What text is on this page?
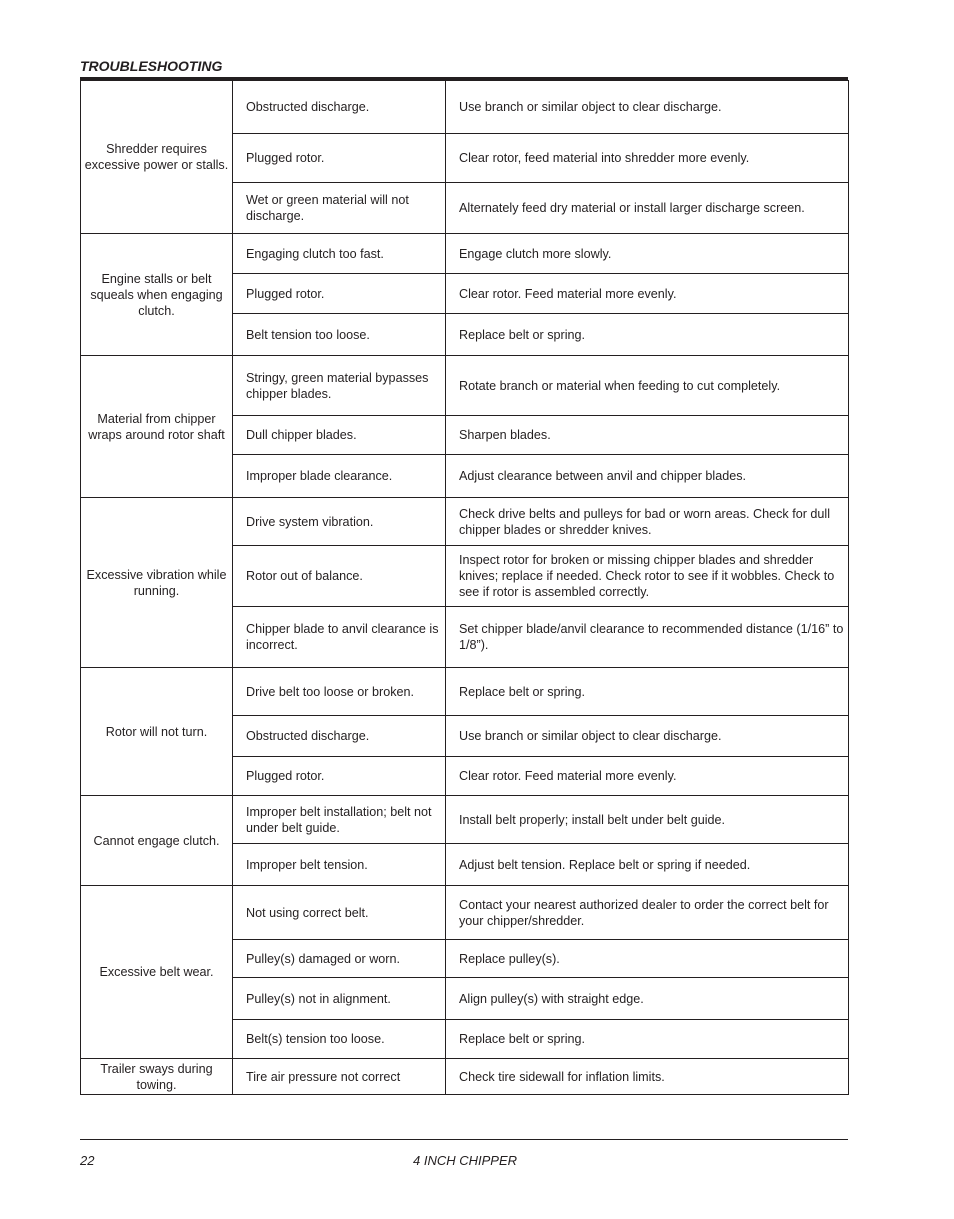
TROUBLESHOOTING
Shredder requires excessive power or stalls.	Obstructed discharge.	Use branch or similar object to clear discharge.
	Plugged rotor.	Clear rotor, feed material into shredder more evenly.
	Wet or green material will not discharge.	Alternately feed dry material or install larger discharge screen.
Engine stalls or belt squeals when engaging clutch.	Engaging clutch too fast.	Engage clutch more slowly.
	Plugged rotor.	Clear rotor. Feed material more evenly.
	Belt tension too loose.	Replace belt or spring.
Material from chipper wraps around rotor shaft	Stringy, green material bypasses chipper blades.	Rotate branch or material when feeding to cut completely.
	Dull chipper blades.	Sharpen blades.
	Improper blade clearance.	Adjust clearance between anvil and chipper blades.
Excessive vibration while running.	Drive system vibration.	Check drive belts and pulleys for bad or worn areas. Check for dull chipper blades or shredder knives.
	Rotor out of balance.	Inspect rotor for broken or missing chipper blades and shredder knives; replace if needed. Check rotor to see if it wobbles. Check to see if rotor is assembled correctly.
	Chipper blade to anvil clearance is incorrect.	Set chipper blade/anvil clearance to recommended distance (1/16” to 1/8”).
Rotor will not turn.	Drive belt too loose or broken.	Replace belt or spring.
	Obstructed discharge.	Use branch or similar object to clear discharge.
	Plugged rotor.	Clear rotor. Feed material more evenly.
Cannot engage clutch.	Improper belt installation; belt not under belt guide.	Install belt properly; install belt under belt guide.
	Improper belt tension.	Adjust belt tension. Replace belt or spring if needed.
Excessive belt wear.	Not using correct belt.	Contact your nearest authorized dealer to order the correct belt for your chipper/shredder.
	Pulley(s) damaged or worn.	Replace pulley(s).
	Pulley(s) not in alignment.	Align pulley(s) with straight edge.
	Belt(s) tension too loose.	Replace belt or spring.
Trailer sways during towing.	Tire air pressure not correct	Check tire sidewall for inflation limits.
22	4 INCH CHIPPER
